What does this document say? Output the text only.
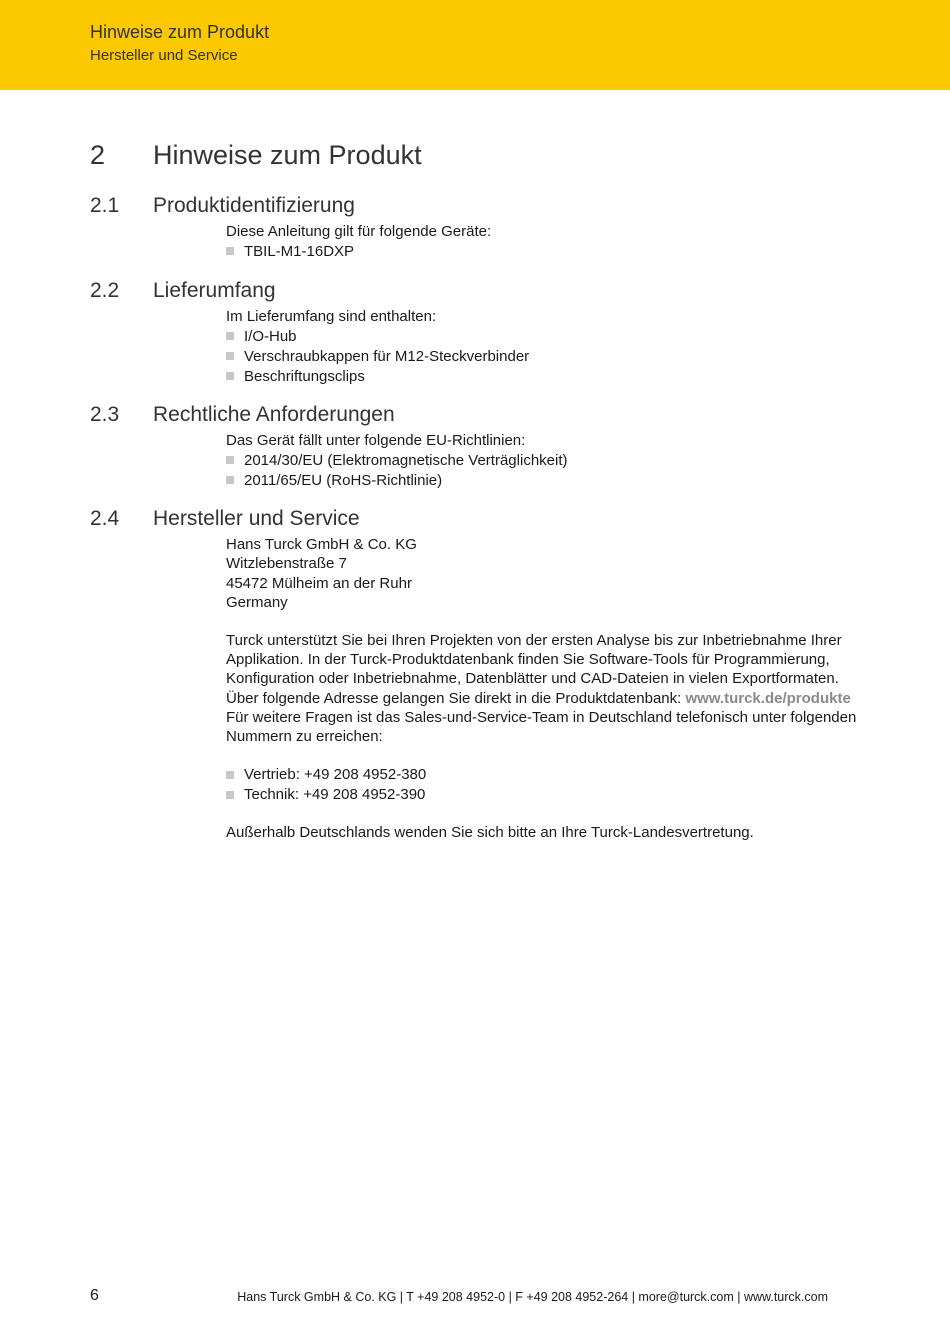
Hinweise zum Produkt
Hersteller und Service
2 Hinweise zum Produkt
2.1 Produktidentifizierung
Diese Anleitung gilt für folgende Geräte:
TBIL-M1-16DXP
2.2 Lieferumfang
Im Lieferumfang sind enthalten:
I/O-Hub
Verschraubkappen für M12-Steckverbinder
Beschriftungsclips
2.3 Rechtliche Anforderungen
Das Gerät fällt unter folgende EU-Richtlinien:
2014/30/EU (Elektromagnetische Verträglichkeit)
2011/65/EU (RoHS-Richtlinie)
2.4 Hersteller und Service
Hans Turck GmbH & Co. KG
Witzlebenstraße 7
45472 Mülheim an der Ruhr
Germany
Turck unterstützt Sie bei Ihren Projekten von der ersten Analyse bis zur Inbetriebnahme Ihrer Applikation. In der Turck-Produktdatenbank finden Sie Software-Tools für Programmierung, Konfiguration oder Inbetriebnahme, Datenblätter und CAD-Dateien in vielen Exportformaten. Über folgende Adresse gelangen Sie direkt in die Produktdatenbank: www.turck.de/produkte
Für weitere Fragen ist das Sales-und-Service-Team in Deutschland telefonisch unter folgenden Nummern zu erreichen:
Vertrieb: +49 208 4952-380
Technik: +49 208 4952-390
Außerhalb Deutschlands wenden Sie sich bitte an Ihre Turck-Landesvertretung.
6	Hans Turck GmbH & Co. KG | T +49 208 4952-0 | F +49 208 4952-264 | more@turck.com | www.turck.com
